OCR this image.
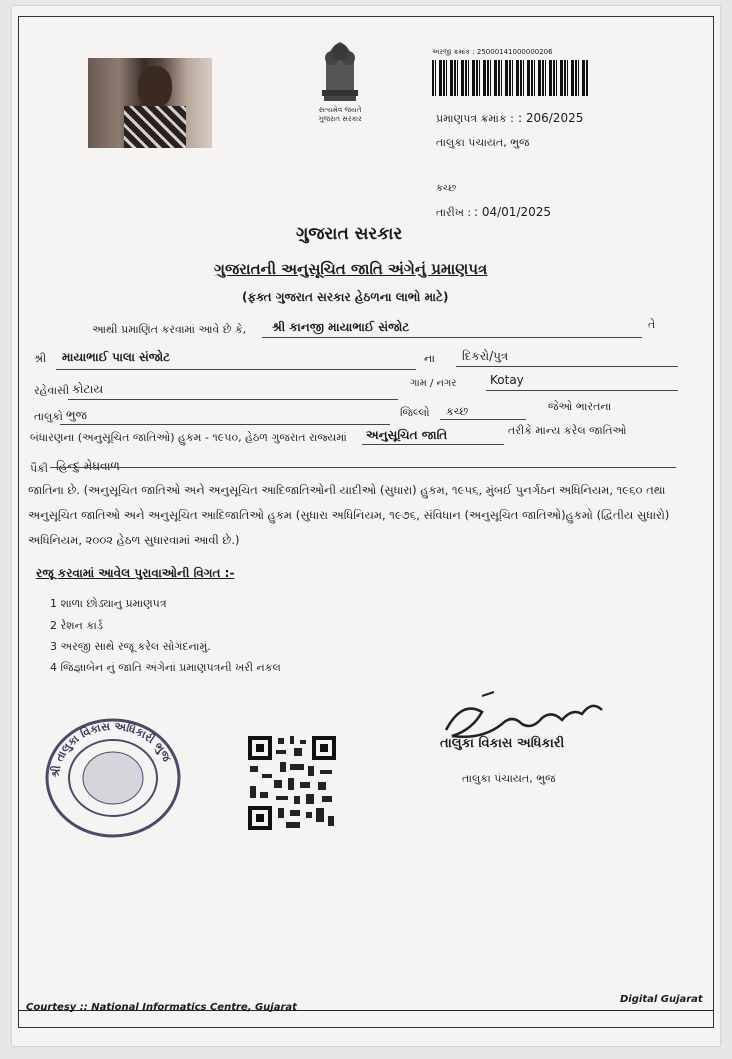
સત્યમેવ જયતે
ગુજરાત સરકાર
અરજી ક્રમાંક : 25000141000000206
પ્રમાણપત્ર ક્રમાંક : : 206/2025
તાલુકા પંચાયત, ભુજ
કચ્છ
તારીખ : : 04/01/2025
ગુજરાત સરકાર
ગુજરાતની અનુસૂચિત જાતિ અંગેનું પ્રમાણપત્ર
(ફક્ત ગુજરાત સરકાર હેઠળના લાભો માટે)
આથી પ્રમાણિત કરવામાં આવે છે કે, શ્રી કાનજી માયાભાઈ સંજોટ	તે
શ્રી માયાભાઈ પાલા સંજોટ	ના દિકરો/પુત્ર
રહેવાસી કોટાય	ગામ / નગર	Kotay
તાલુકો ભુજ	જિલ્લો કચ્છ	જેઓ ભારતના
બંધારણના (અનુસૂચિત જાતિઓ) હુકમ - ૧૯૫૦, હેઠળ ગુજરાત રાજ્યમાં અનુસૂચિત જાતિ	તરીકે માન્ય કરેલ જાતિઓ
પૈકી હિન્દુ મેઘવાળ

જાતિના છે. (અનુસૂચિત જાતિઓ અને અનુસૂચિત આદિજાતિઓની યાદીઓ (સુધારા) હુકમ, ૧૯૫૬, મુંબઈ પુનર્ગઠન અધિનિયમ, ૧૯૬૦ તથા

અનુસૂચિત જાતિઓ અને અનુસૂચિત આદિજાતિઓ હુકમ (સુધારા અધિનિયમ, ૧૯૭૬, સંવિધાન (અનુસૂચિત જાતિઓ)હુકમો (દ્વિતીય સુધારો)

અધિનિયમ, ૨૦૦૨ હેઠળ સુધારવામાં આવી છે.)

રજૂ કરવામાં આવેલ પુરાવાઓની વિગત :-
1 શાળા છોડ્યાનુ પ્રમાણપત્ર
2 રેશન કાર્ડ
3 અરજી સાથે રજૂ કરેલ સોગંદનામું.
4 જિજ્ઞાબેન નું જાતિ અંગેનાં પ્રમાણપત્રની ખરી નકલ
શ્રી તાલુકા વિકાસ અધિકારી ભુજ
તાલુકા વિકાસ અધિકારી
તાલુકા પંચાયત, ભુજ
Courtesy :: National Informatics Centre, Gujarat
Digital Gujarat
